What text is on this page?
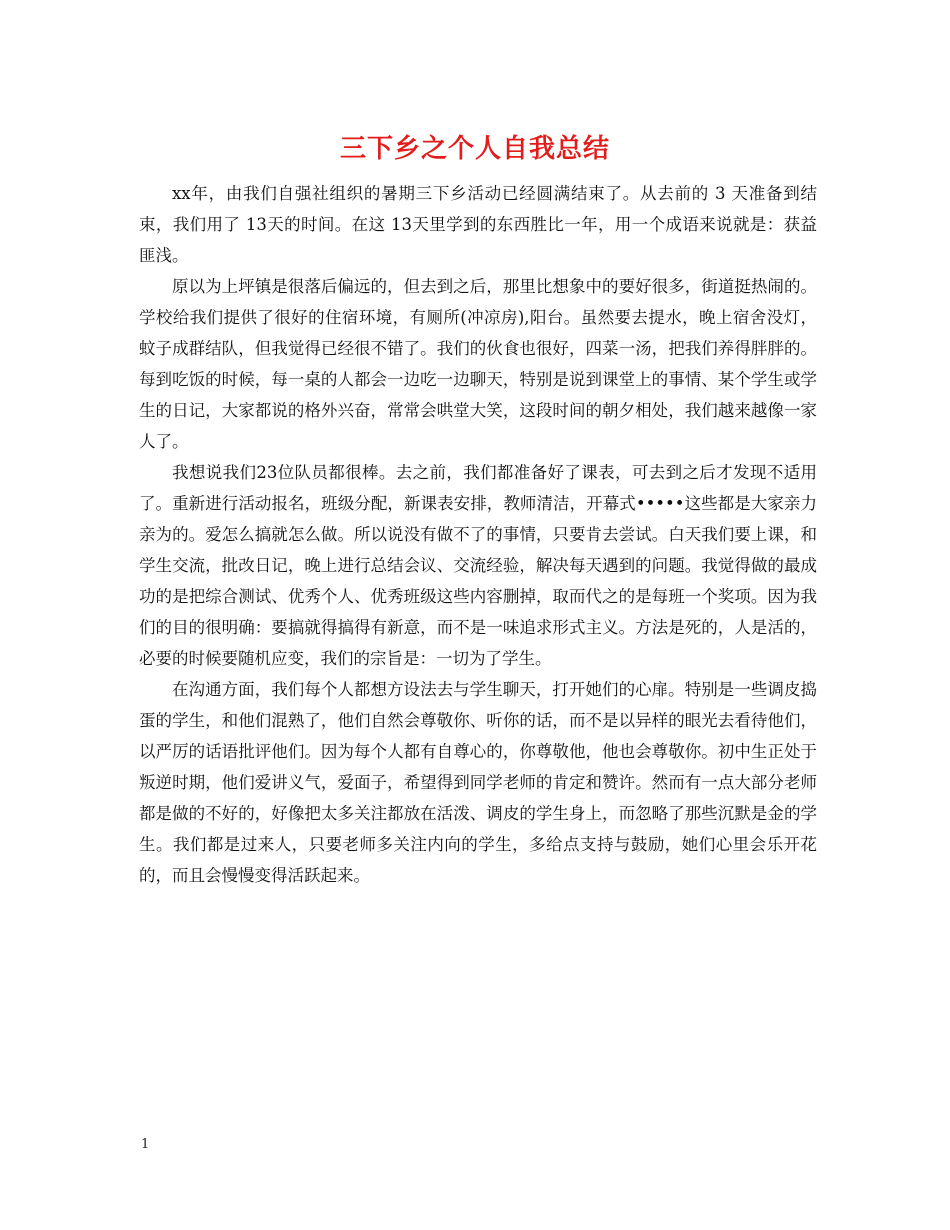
三下乡之个人自我总结

xx年，由我们自强社组织的暑期三下乡活动已经圆满结束了。从去前的 3 天准备到结束，我们用了 13天的时间。在这 13天里学到的东西胜比一年，用一个成语来说就是：获益匪浅。

原以为上坪镇是很落后偏远的，但去到之后，那里比想象中的要好很多，街道挺热闹的。学校给我们提供了很好的住宿环境，有厕所(冲凉房),阳台。虽然要去提水，晚上宿舍没灯，蚊子成群结队，但我觉得已经很不错了。我们的伙食也很好，四菜一汤，把我们养得胖胖的。每到吃饭的时候，每一桌的人都会一边吃一边聊天，特别是说到课堂上的事情、某个学生或学生的日记，大家都说的格外兴奋，常常会哄堂大笑，这段时间的朝夕相处，我们越来越像一家人了。

我想说我们23位队员都很棒。去之前，我们都准备好了课表，可去到之后才发现不适用了。重新进行活动报名，班级分配，新课表安排，教师清洁，开幕式•••••这些都是大家亲力亲为的。爱怎么搞就怎么做。所以说没有做不了的事情，只要肯去尝试。白天我们要上课，和学生交流，批改日记，晚上进行总结会议、交流经验，解决每天遇到的问题。我觉得做的最成功的是把综合测试、优秀个人、优秀班级这些内容删掉，取而代之的是每班一个奖项。因为我们的目的很明确：要搞就得搞得有新意，而不是一味追求形式主义。方法是死的，人是活的，必要的时候要随机应变，我们的宗旨是：一切为了学生。

在沟通方面，我们每个人都想方设法去与学生聊天，打开她们的心扉。特别是一些调皮捣蛋的学生，和他们混熟了，他们自然会尊敬你、听你的话，而不是以异样的眼光去看待他们，以严厉的话语批评他们。因为每个人都有自尊心的，你尊敬他，他也会尊敬你。初中生正处于叛逆时期，他们爱讲义气，爱面子，希望得到同学老师的肯定和赞许。然而有一点大部分老师都是做的不好的，好像把太多关注都放在活泼、调皮的学生身上，而忽略了那些沉默是金的学生。我们都是过来人，只要老师多关注内向的学生，多给点支持与鼓励，她们心里会乐开花的，而且会慢慢变得活跃起来。

1
